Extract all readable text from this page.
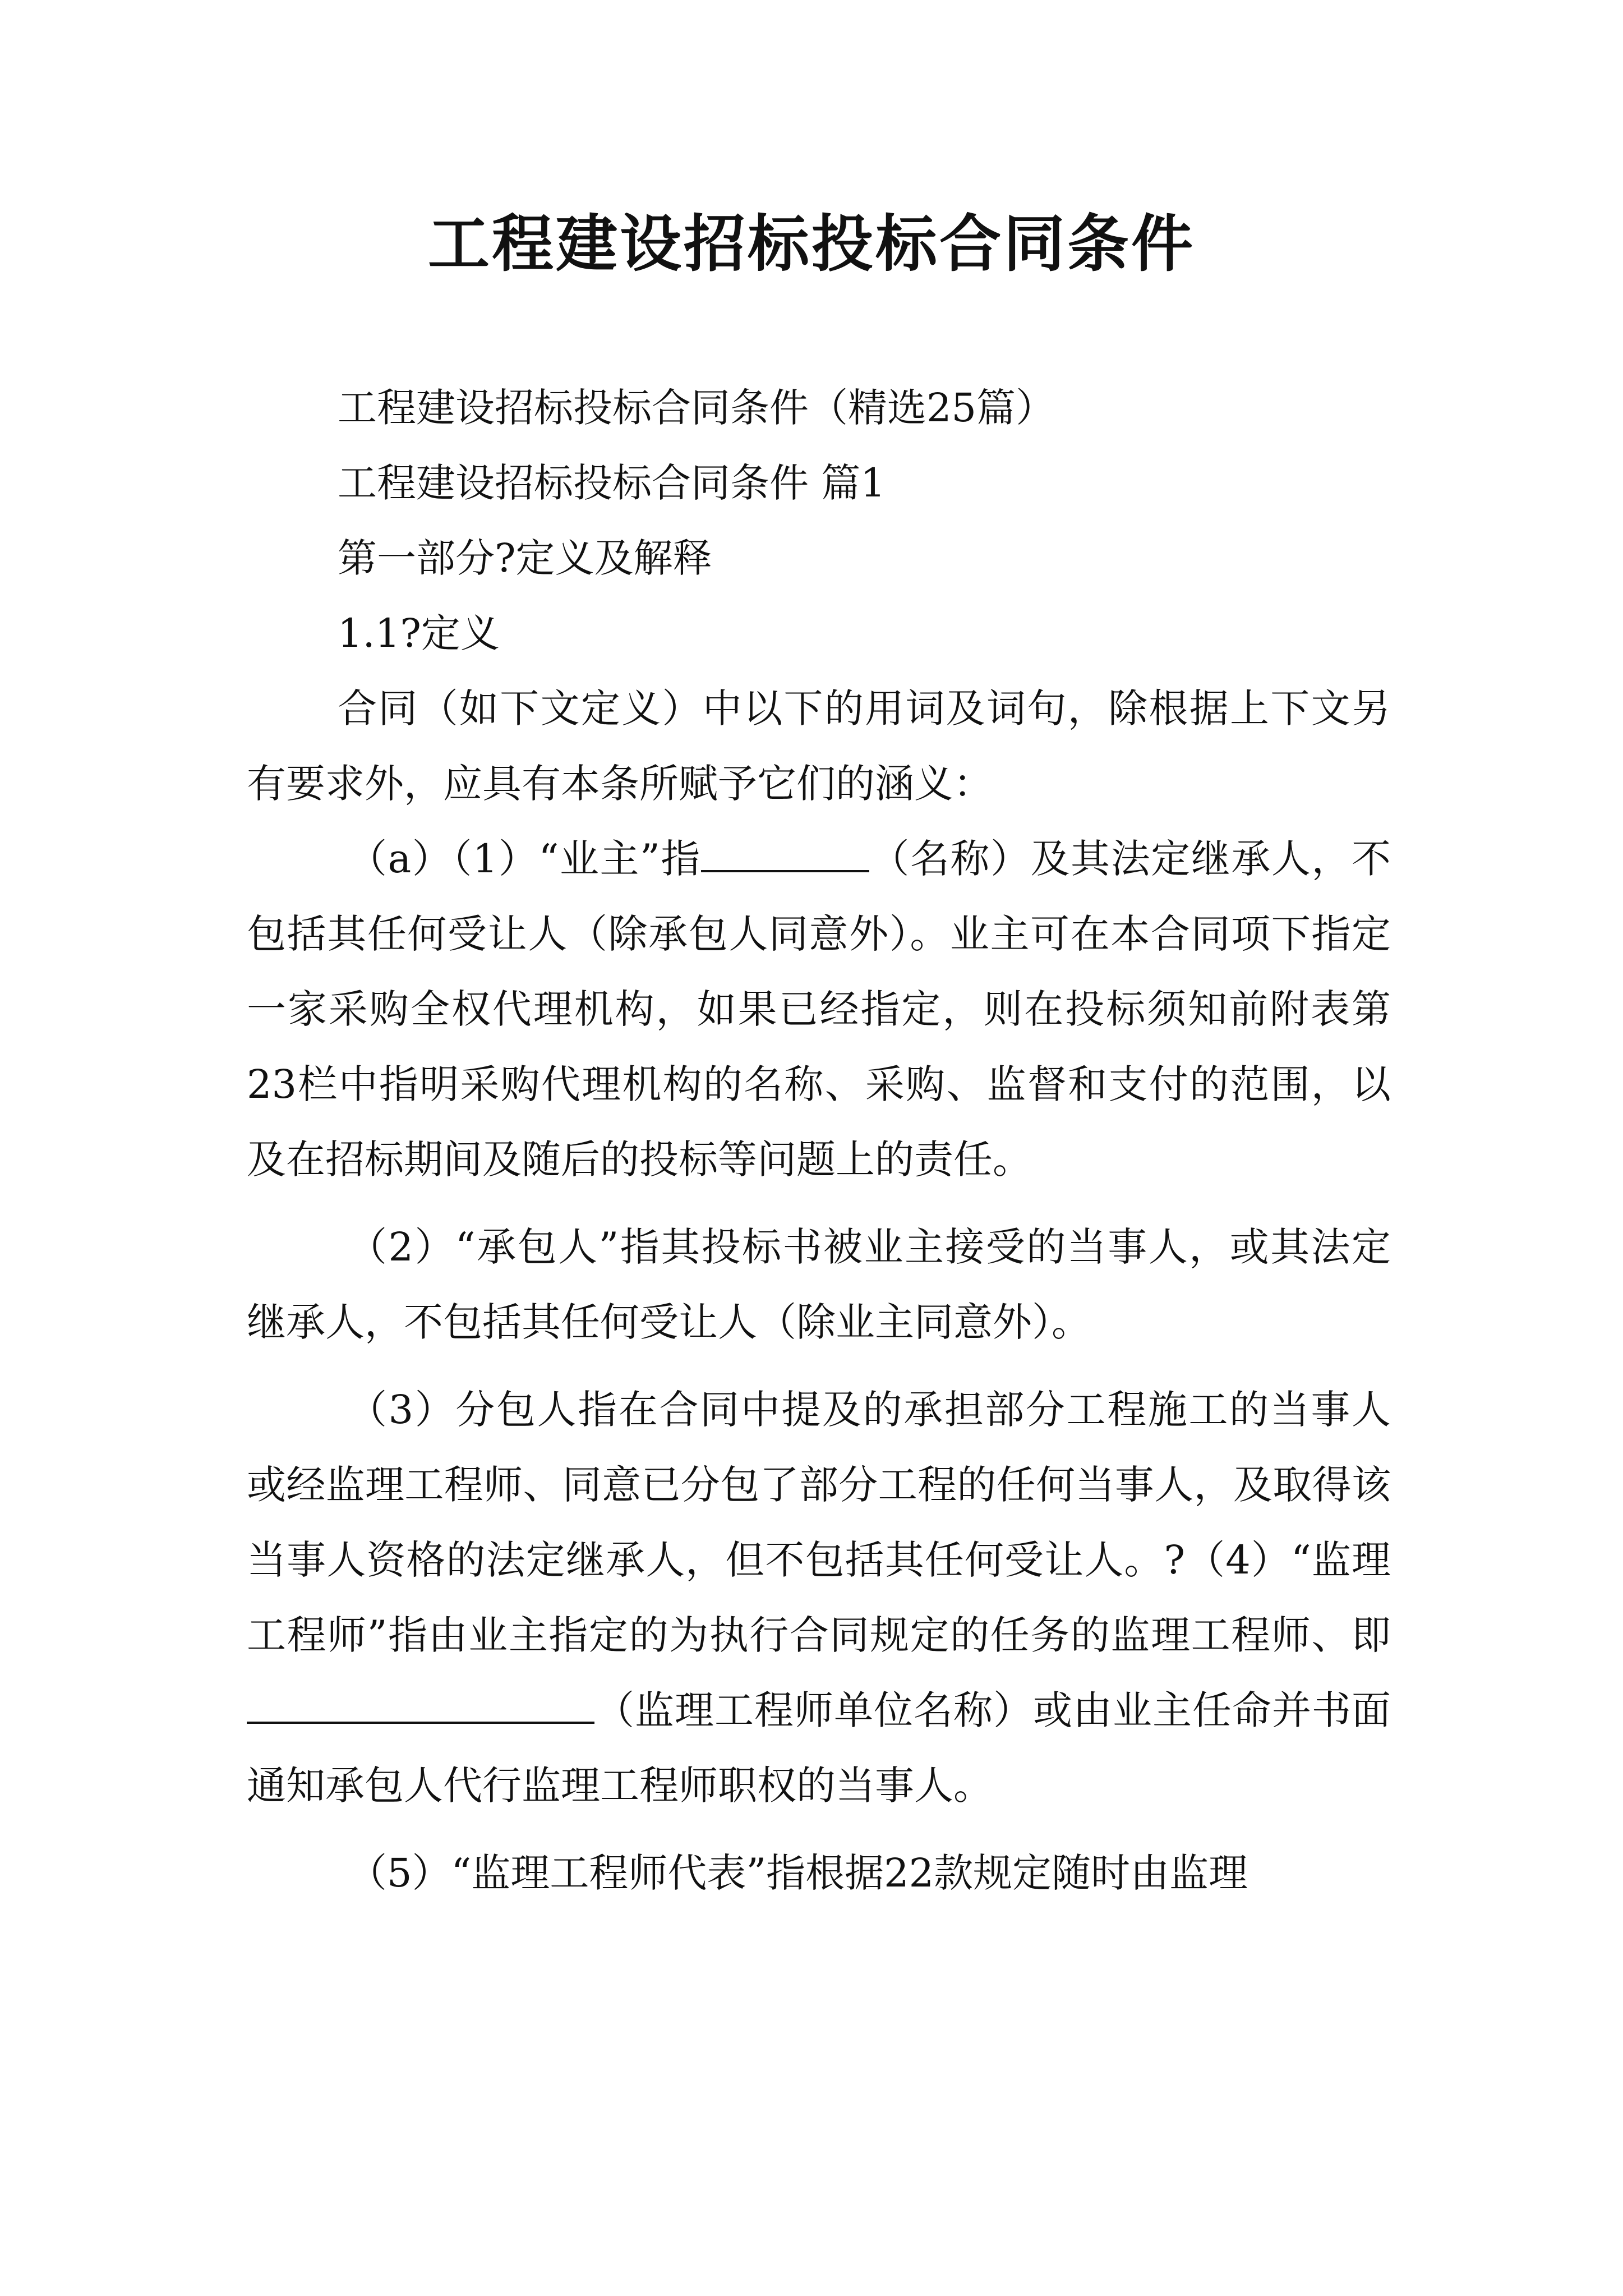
工程建设招标投标合同条件

工程建设招标投标合同条件（精选25篇）

工程建设招标投标合同条件 篇1

第一部分?定义及解释

1.1?定义

合同（如下文定义）中以下的用词及词句，除根据上下文另有要求外，应具有本条所赋予它们的涵义：

（a）（1）“业主”指	（名称）及其法定继承人，不包括其任何受让人（除承包人同意外）。业主可在本合同项下指定一家采购全权代理机构，如果已经指定，则在投标须知前附表第23栏中指明采购代理机构的名称、采购、监督和支付的范围，以及在招标期间及随后的投标等问题上的责任。

（2）“承包人”指其投标书被业主接受的当事人，或其法定继承人，不包括其任何受让人（除业主同意外）。

（3）分包人指在合同中提及的承担部分工程施工的当事人或经监理工程师、同意已分包了部分工程的任何当事人，及取得该当事人资格的法定继承人，但不包括其任何受让人。?（4）“监理工程师”指由业主指定的为执行合同规定的任务的监理工程师、即（监理工程师单位名称）或由业主任命并书面通知承包人代行监理工程师职权的当事人。

（5）“监理工程师代表”指根据22款规定随时由监理
